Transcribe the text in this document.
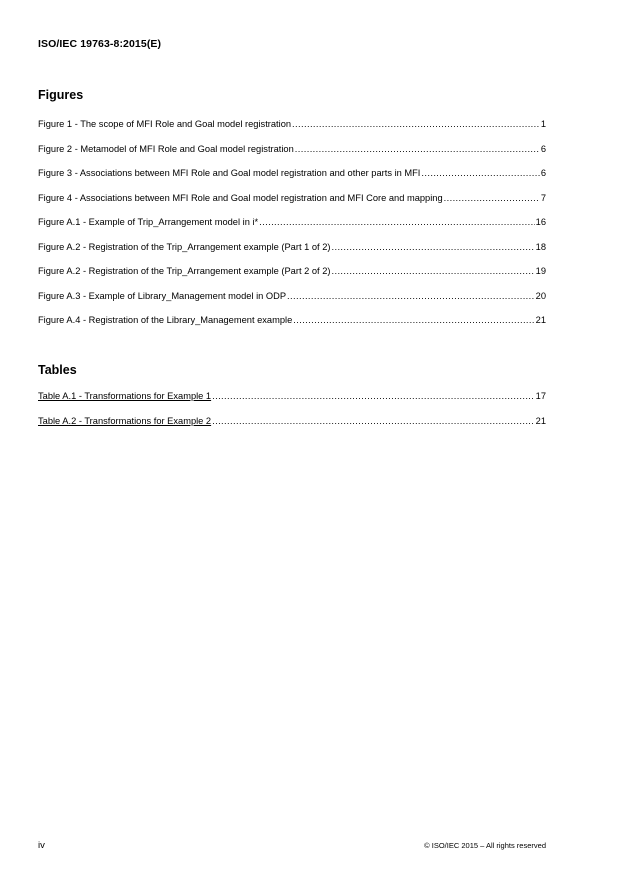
ISO/IEC 19763-8:2015(E)
Figures
Figure 1 - The scope of MFI Role and Goal model registration .....	1
Figure 2 - Metamodel of MFI Role and Goal model registration .....	6
Figure 3 - Associations between MFI Role and Goal model registration and other parts in MFI .....	6
Figure 4 - Associations between MFI Role and Goal model registration and MFI Core and mapping .....	7
Figure A.1 - Example of Trip_Arrangement model in i* .....	16
Figure A.2 - Registration of the Trip_Arrangement example (Part 1 of 2) .....	18
Figure A.2 - Registration of the Trip_Arrangement example (Part 2 of 2) .....	19
Figure A.3 - Example of Library_Management model in ODP .....	20
Figure A.4 - Registration of the Library_Management example .....	21
Tables
Table A.1 - Transformations for Example 1 .....	17
Table A.2 - Transformations for Example 2 .....	21
iv	© ISO/IEC 2015 – All rights reserved
